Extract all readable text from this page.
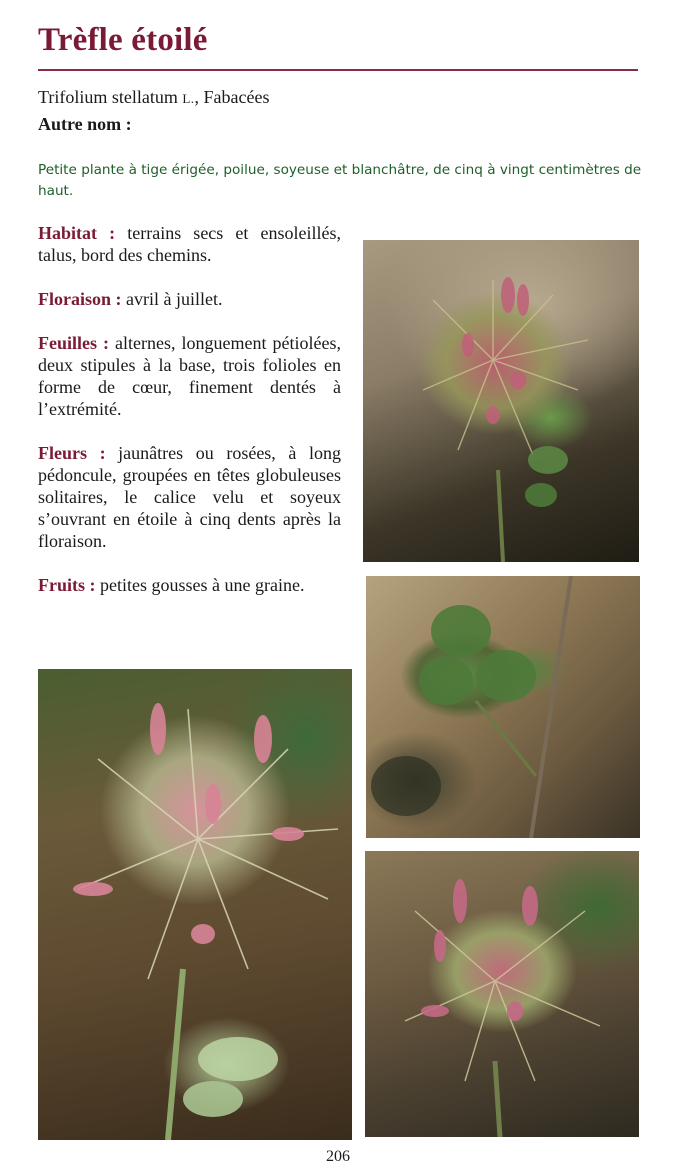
Trèfle étoilé
Trifolium stellatum L., Fabacées
Autre nom :
Petite plante à tige érigée, poilue, soyeuse et blanchâtre, de cinq à vingt centimètres de haut.

Habitat : terrains secs et ensoleillés, talus, bord des chemins.

Floraison : avril à juillet.

Feuilles : alternes, longuement pétiolées, deux stipules à la base, trois folioles en forme de cœur, finement dentés à l’extrémité.

Fleurs : jaunâtres ou rosées, à long pédoncule, groupées en têtes globuleuses solitaires, le calice velu et soyeux s’ouvrant en étoile à cinq dents après la floraison.

Fruits : petites gousses à une graine.

206
